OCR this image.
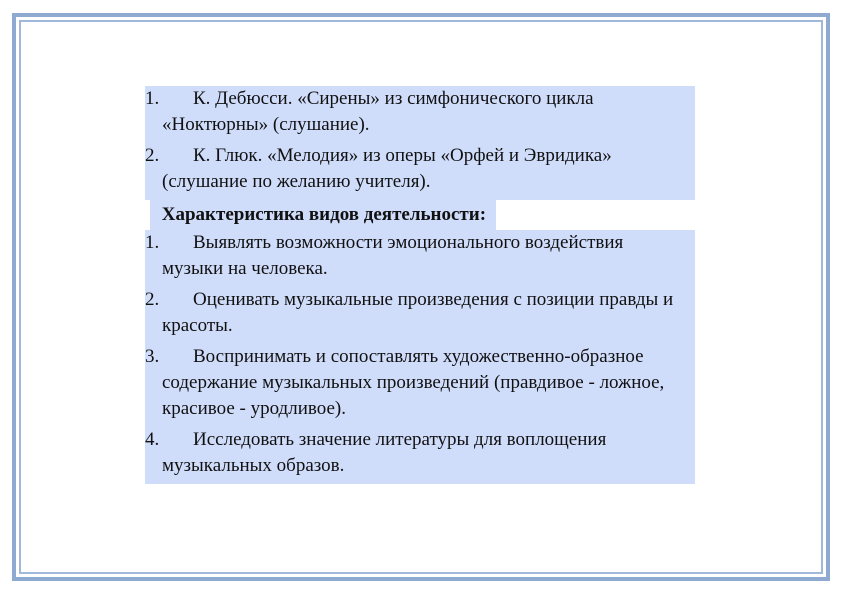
1.	К. Дебюсси. «Сирены» из симфонического цикла «Ноктюрны» (слушание).
2.	К. Глюк. «Мелодия» из оперы «Орфей и Эвридика» (слушание по желанию учителя).
Характеристика видов деятельности:
1.	Выявлять возможности эмоционального воздействия музыки на человека.
2.	Оценивать музыкальные произведения с позиции правды и красоты.
3.	Воспринимать и сопоставлять художественно-образное содержание музыкальных произведений (правдивое - ложное, красивое - уродливое).
4.	Исследовать значение литературы для воплощения музыкальных образов.
